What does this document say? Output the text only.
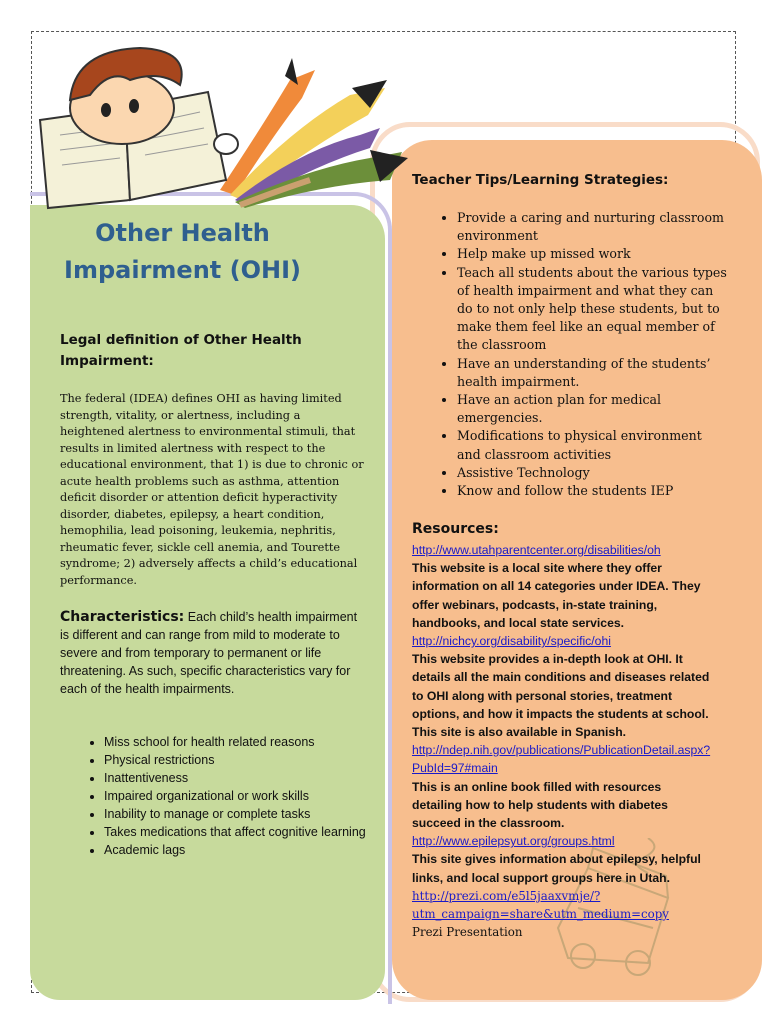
Other Health Impairment (OHI)
Legal definition of Other Health Impairment:

The federal (IDEA) defines OHI as having limited strength, vitality, or alertness, including a heightened alertness to environmental stimuli, that results in limited alertness with respect to the educational environment, that 1) is due to chronic or acute health problems such as asthma, attention deficit disorder or attention deficit hyperactivity disorder, diabetes, epilepsy, a heart condition, hemophilia, lead poisoning, leukemia, nephritis, rheumatic fever, sickle cell anemia, and Tourette syndrome; 2) adversely affects a child’s educational performance.

Characteristics: Each child’s health impairment is different and can range from mild to moderate to severe and from temporary to permanent or life threatening. As such, specific characteristics vary for each of the health impairments.

• Miss school for health related reasons
• Physical restrictions
• Inattentiveness
• Impaired organizational or work skills
• Inability to manage or complete tasks
• Takes medications that affect cognitive learning
• Academic lags
Teacher Tips/Learning Strategies:
• Provide a caring and nurturing classroom environment
• Help make up missed work
• Teach all students about the various types of health impairment and what they can do to not only help these students, but to make them feel like an equal member of the classroom
• Have an understanding of the students’ health impairment.
• Have an action plan for medical emergencies.
• Modifications to physical environment and classroom activities
• Assistive Technology
• Know and follow the students IEP
Resources:
http://www.utahparentcenter.org/disabilities/oh
This website is a local site where they offer information on all 14 categories under IDEA. They offer webinars, podcasts, in-state training, handbooks, and local state services.
http://nichcy.org/disability/specific/ohi
This website provides a in-depth look at OHI. It details all the main conditions and diseases related to OHI along with personal stories, treatment options, and how it impacts the students at school. This site is also available in Spanish.
http://ndep.nih.gov/publications/PublicationDetail.aspx?PubId=97#main
This is an online book filled with resources detailing how to help students with diabetes succeed in the classroom.
http://www.epilepsyut.org/groups.html
This site gives information about epilepsy, helpful links, and local support groups here in Utah.
http://prezi.com/e5l5jaaxvmje/?utm_campaign=share&utm_medium=copy
Prezi Presentation
